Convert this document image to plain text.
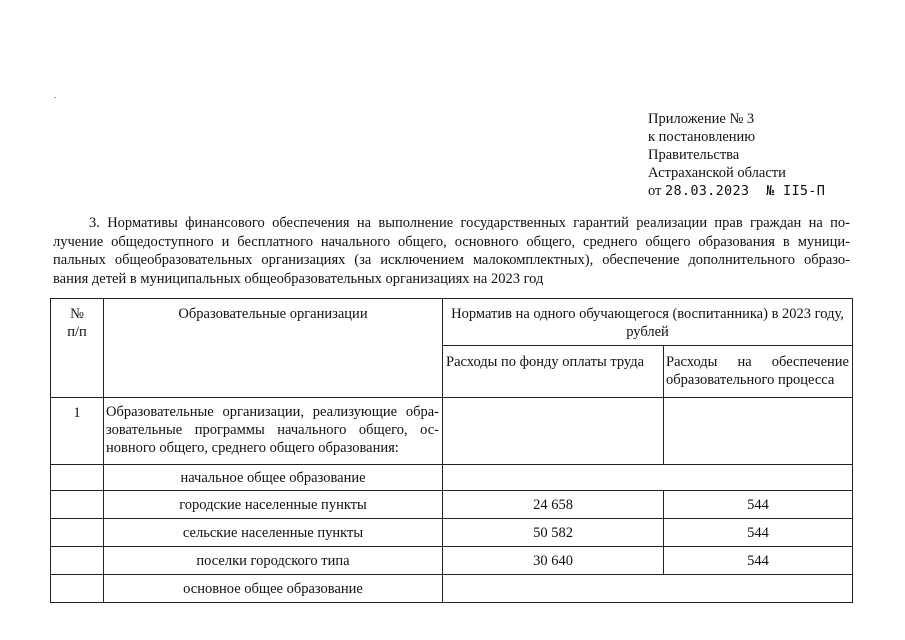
Приложение № 3
к постановлению
Правительства
Астраханской области
от 28.03.2023 № II5-П
3. Нормативы финансового обеспечения на выполнение государственных гарантий реализации прав граждан на по-
лучение общедоступного и бесплатного начального общего, основного общего, среднего общего образования в муници-
пальных общеобразовательных организациях (за исключением малокомплектных), обеспечение дополнительного образо-
вания детей в муниципальных общеобразовательных организациях на 2023 год
№
п/п	Образовательные организации	Норматив на одного обучающегося (воспитанника) в 2023 году, рублей	
		Расходы по фонду оплаты труда	Расходы на обеспечение
образовательного процесса

1	Образовательные организации, реализующие обра-
зовательные программы начального общего, ос-
новного общего, среднего общего образования:		

	начальное общее образование		
	городские населенные пункты	24 658	544
	сельские населенные пункты	50 582	544
	поселки городского типа	30 640	544
	основное общее образование		
